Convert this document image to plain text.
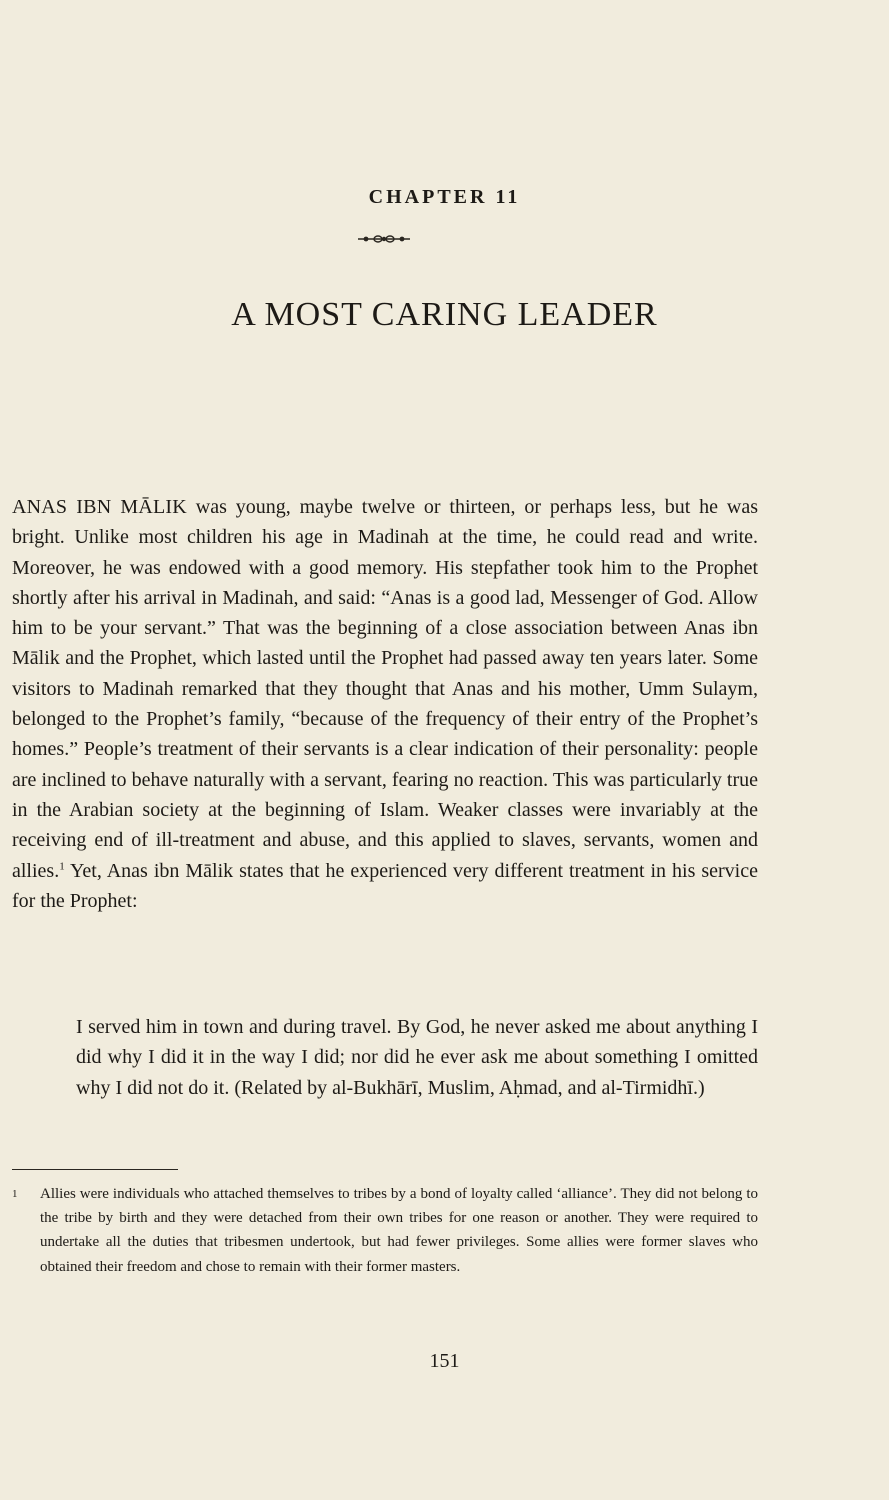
CHAPTER 11
A MOST CARING LEADER

ANAS IBN MĀLIK was young, maybe twelve or thirteen, or perhaps less, but he was bright. Unlike most children his age in Madinah at the time, he could read and write. Moreover, he was endowed with a good memory. His stepfather took him to the Prophet shortly after his arrival in Madinah, and said: “Anas is a good lad, Messenger of God. Allow him to be your servant.” That was the beginning of a close association between Anas ibn Mālik and the Prophet, which lasted until the Prophet had passed away ten years later. Some visitors to Madinah remarked that they thought that Anas and his mother, Umm Sulaym, belonged to the Prophet’s family, “because of the frequency of their entry of the Prophet’s homes.” People’s treatment of their servants is a clear indication of their personality: people are inclined to behave naturally with a servant, fearing no reaction. This was particularly true in the Arabian society at the beginning of Islam. Weaker classes were invariably at the receiving end of ill-treatment and abuse, and this applied to slaves, servants, women and allies.$^1$ Yet, Anas ibn Mālik states that he experienced very different treatment in his service for the Prophet:

I served him in town and during travel. By God, he never asked me about anything I did why I did it in the way I did; nor did he ever ask me about something I omitted why I did not do it. (Related by al-Bukhārī, Muslim, Aḥmad, and al-Tirmidhī.)

1 Allies were individuals who attached themselves to tribes by a bond of loyalty called ‘alliance’. They did not belong to the tribe by birth and they were detached from their own tribes for one reason or another. They were required to undertake all the duties that tribesmen undertook, but had fewer privileges. Some allies were former slaves who obtained their freedom and chose to remain with their former masters.
151
